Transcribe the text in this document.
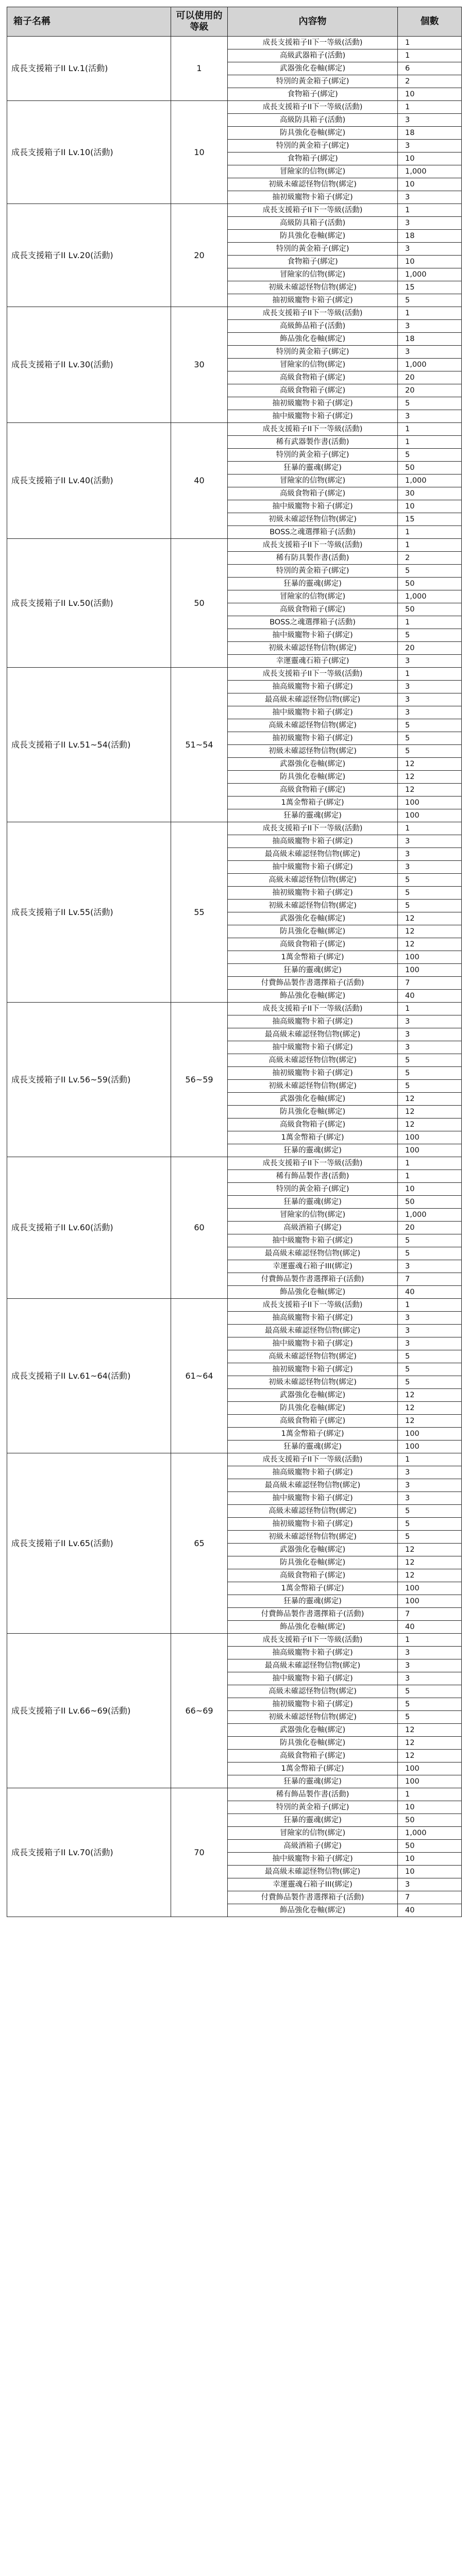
箱子名稱	可以使用的等級	內容物	個數
成長支援箱子II Lv.1(活動)	1	成長支援箱子II下一等級(活動)	1
		高級武器箱子(活動)	1
		武器強化卷軸(綁定)	6
		特別的黃金箱子(綁定)	2
		食物箱子(綁定)	10
成長支援箱子II Lv.10(活動)	10	成長支援箱子II下一等級(活動)	1
		高級防具箱子(活動)	3
		防具強化卷軸(綁定)	18
		特別的黃金箱子(綁定)	3
		食物箱子(綁定)	10
		冒險家的信物(綁定)	1,000
		初級未確認怪物信物(綁定)	10
		抽初級寵物卡箱子(綁定)	3
成長支援箱子II Lv.20(活動)	20	成長支援箱子II下一等級(活動)	1
		高級防具箱子(活動)	3
		防具強化卷軸(綁定)	18
		特別的黃金箱子(綁定)	3
		食物箱子(綁定)	10
		冒險家的信物(綁定)	1,000
		初級未確認怪物信物(綁定)	15
		抽初級寵物卡箱子(綁定)	5
成長支援箱子II Lv.30(活動)	30	成長支援箱子II下一等級(活動)	1
		高級飾品箱子(活動)	3
		飾品強化卷軸(綁定)	18
		特別的黃金箱子(綁定)	3
		冒險家的信物(綁定)	1,000
		高級食物箱子(綁定)	20
		高級食物箱子(綁定)	20
		抽初級寵物卡箱子(綁定)	5
		抽中級寵物卡箱子(綁定)	3
成長支援箱子II Lv.40(活動)	40	成長支援箱子II下一等級(活動)	1
		稀有武器製作書(活動)	1
		特別的黃金箱子(綁定)	5
		狂暴的靈魂(綁定)	50
		冒險家的信物(綁定)	1,000
		高級食物箱子(綁定)	30
		抽中級寵物卡箱子(綁定)	10
		初級未確認怪物信物(綁定)	15
		BOSS之魂選擇箱子(活動)	1
成長支援箱子II Lv.50(活動)	50	成長支援箱子II下一等級(活動)	1
		稀有防具製作書(活動)	2
		特別的黃金箱子(綁定)	5
		狂暴的靈魂(綁定)	50
		冒險家的信物(綁定)	1,000
		高級食物箱子(綁定)	50
		BOSS之魂選擇箱子(活動)	1
		抽中級寵物卡箱子(綁定)	5
		初級未確認怪物信物(綁定)	20
		幸運靈魂石箱子(綁定)	3
成長支援箱子II Lv.51~54(活動)	51~54	成長支援箱子II下一等級(活動)	1
		抽高級寵物卡箱子(綁定)	3
		最高級未確認怪物信物(綁定)	3
		抽中級寵物卡箱子(綁定)	3
		高級未確認怪物信物(綁定)	5
		抽初級寵物卡箱子(綁定)	5
		初級未確認怪物信物(綁定)	5
		武器強化卷軸(綁定)	12
		防具強化卷軸(綁定)	12
		高級食物箱子(綁定)	12
		1萬金幣箱子(綁定)	100
		狂暴的靈魂(綁定)	100
成長支援箱子II Lv.55(活動)	55	成長支援箱子II下一等級(活動)	1
		抽高級寵物卡箱子(綁定)	3
		最高級未確認怪物信物(綁定)	3
		抽中級寵物卡箱子(綁定)	3
		高級未確認怪物信物(綁定)	5
		抽初級寵物卡箱子(綁定)	5
		初級未確認怪物信物(綁定)	5
		武器強化卷軸(綁定)	12
		防具強化卷軸(綁定)	12
		高級食物箱子(綁定)	12
		1萬金幣箱子(綁定)	100
		狂暴的靈魂(綁定)	100
		付費飾品製作書選擇箱子(活動)	7
		飾品強化卷軸(綁定)	40
成長支援箱子II Lv.56~59(活動)	56~59	成長支援箱子II下一等級(活動)	1
		抽高級寵物卡箱子(綁定)	3
		最高級未確認怪物信物(綁定)	3
		抽中級寵物卡箱子(綁定)	3
		高級未確認怪物信物(綁定)	5
		抽初級寵物卡箱子(綁定)	5
		初級未確認怪物信物(綁定)	5
		武器強化卷軸(綁定)	12
		防具強化卷軸(綁定)	12
		高級食物箱子(綁定)	12
		1萬金幣箱子(綁定)	100
		狂暴的靈魂(綁定)	100
成長支援箱子II Lv.60(活動)	60	成長支援箱子II下一等級(活動)	1
		稀有飾品製作書(活動)	1
		特別的黃金箱子(綁定)	10
		狂暴的靈魂(綁定)	50
		冒險家的信物(綁定)	1,000
		高級酒箱子(綁定)	20
		抽中級寵物卡箱子(綁定)	5
		最高級未確認怪物信物(綁定)	5
		幸運靈魂石箱子III(綁定)	3
		付費飾品製作書選擇箱子(活動)	7
		飾品強化卷軸(綁定)	40
成長支援箱子II Lv.61~64(活動)	61~64	成長支援箱子II下一等級(活動)	1
		抽高級寵物卡箱子(綁定)	3
		最高級未確認怪物信物(綁定)	3
		抽中級寵物卡箱子(綁定)	3
		高級未確認怪物信物(綁定)	5
		抽初級寵物卡箱子(綁定)	5
		初級未確認怪物信物(綁定)	5
		武器強化卷軸(綁定)	12
		防具強化卷軸(綁定)	12
		高級食物箱子(綁定)	12
		1萬金幣箱子(綁定)	100
		狂暴的靈魂(綁定)	100
成長支援箱子II Lv.65(活動)	65	成長支援箱子II下一等級(活動)	1
		抽高級寵物卡箱子(綁定)	3
		最高級未確認怪物信物(綁定)	3
		抽中級寵物卡箱子(綁定)	3
		高級未確認怪物信物(綁定)	5
		抽初級寵物卡箱子(綁定)	5
		初級未確認怪物信物(綁定)	5
		武器強化卷軸(綁定)	12
		防具強化卷軸(綁定)	12
		高級食物箱子(綁定)	12
		1萬金幣箱子(綁定)	100
		狂暴的靈魂(綁定)	100
		付費飾品製作書選擇箱子(活動)	7
		飾品強化卷軸(綁定)	40
成長支援箱子II Lv.66~69(活動)	66~69	成長支援箱子II下一等級(活動)	1
		抽高級寵物卡箱子(綁定)	3
		最高級未確認怪物信物(綁定)	3
		抽中級寵物卡箱子(綁定)	3
		高級未確認怪物信物(綁定)	5
		抽初級寵物卡箱子(綁定)	5
		初級未確認怪物信物(綁定)	5
		武器強化卷軸(綁定)	12
		防具強化卷軸(綁定)	12
		高級食物箱子(綁定)	12
		1萬金幣箱子(綁定)	100
		狂暴的靈魂(綁定)	100
成長支援箱子II Lv.70(活動)	70	稀有飾品製作書(活動)	1
		特別的黃金箱子(綁定)	10
		狂暴的靈魂(綁定)	50
		冒險家的信物(綁定)	1,000
		高級酒箱子(綁定)	50
		抽中級寵物卡箱子(綁定)	10
		最高級未確認怪物信物(綁定)	10
		幸運靈魂石箱子III(綁定)	3
		付費飾品製作書選擇箱子(活動)	7
		飾品強化卷軸(綁定)	40
